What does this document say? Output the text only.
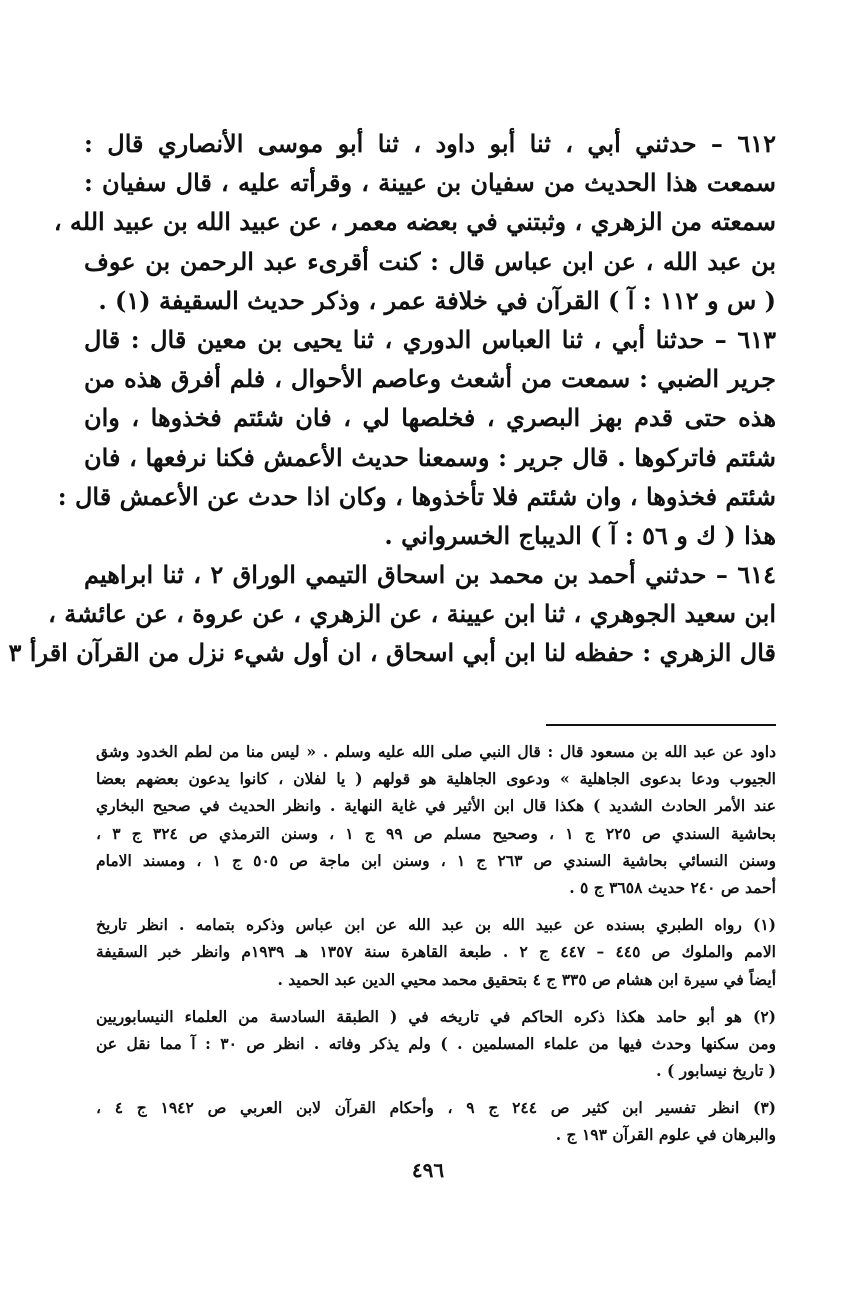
٦١٢ – حدثني أبي ، ثنا أبو داود ، ثنا أبو موسى الأنصاري قال :
سمعت هذا الحديث من سفيان بن عيينة ، وقرأته عليه ، قال سفيان :
سمعته من الزهري ، وثبتني في بعضه معمر ، عن عبيد الله بن عبيد الله ،
بن عبد الله ، عن ابن عباس قال : كنت أقرىء عبد الرحمن بن عوف
( س و ١١٢ : آ ) القرآن في خلافة عمر ، وذكر حديث السقيفة (١) .
٦١٣ – حدثنا أبي ، ثنا العباس الدوري ، ثنا يحيى بن معين قال : قال
جرير الضبي : سمعت من أشعث وعاصم الأحوال ، فلم أفرق هذه من
هذه حتى قدم بهز البصري ، فخلصها لي ، فان شئتم فخذوها ، وان
شئتم فاتركوها . قال جرير : وسمعنا حديث الأعمش فكنا نرفعها ، فان
شئتم فخذوها ، وان شئتم فلا تأخذوها ، وكان اذا حدث عن الأعمش قال :
هذا ( ك و ٥٦ : آ ) الديباج الخسرواني .
٦١٤ – حدثني أحمد بن محمد بن اسحاق التيمي الوراق ٢ ، ثنا ابراهيم
ابن سعيد الجوهري ، ثنا ابن عيينة ، عن الزهري ، عن عروة ، عن عائشة ،
قال الزهري : حفظه لنا ابن أبي اسحاق ، ان أول شيء نزل من القرآن اقرأ ٣
داود عن عبد الله بن مسعود قال : قال النبي صلى الله عليه وسلم . « ليس منا من لطم الخدود وشق
الجيوب ودعا بدعوى الجاهلية » ودعوى الجاهلية هو قولهم ( يا لفلان ، كانوا يدعون بعضهم بعضا
عند الأمر الحادث الشديد ) هكذا قال ابن الأثير في غاية النهاية . وانظر الحديث في صحيح البخاري
بحاشية السندي ص ٢٢٥ ج ١ ، وصحيح مسلم ص ٩٩ ج ١ ، وسنن الترمذي ص ٣٢٤ ج ٣ ،
وسنن النسائي بحاشية السندي ص ٢٦٣ ج ١ ، وسنن ابن ماجة ص ٥٠٥ ج ١ ، ومسند الامام
أحمد ص ٢٤٠ حديث ٣٦٥٨ ج ٥ .
(١) رواه الطبري بسنده عن عبيد الله بن عبد الله عن ابن عباس وذكره بتمامه . انظر تاريخ
الامم والملوك ص ٤٤٥ – ٤٤٧ ج ٢ . طبعة القاهرة سنة ١٣٥٧ هـ ١٩٣٩م وانظر خبر السقيفة
أيضاً في سيرة ابن هشام ص ٣٣٥ ج ٤ بتحقيق محمد محيي الدين عبد الحميد .
(٢) هو أبو حامد هكذا ذكره الحاكم في تاريخه في ( الطبقة السادسة من العلماء النيسابوريين
ومن سكنها وحدث فيها من علماء المسلمين . ) ولم يذكر وفاته . انظر ص ٣٠ : آ مما نقل عن
( تاريخ نيسابور ) .
(٣) انظر تفسير ابن كثير ص ٢٤٤ ج ٩ ، وأحكام القرآن لابن العربي ص ١٩٤٢ ج ٤ ،
والبرهان في علوم القرآن ١٩٣ ج .
٤٩٦
